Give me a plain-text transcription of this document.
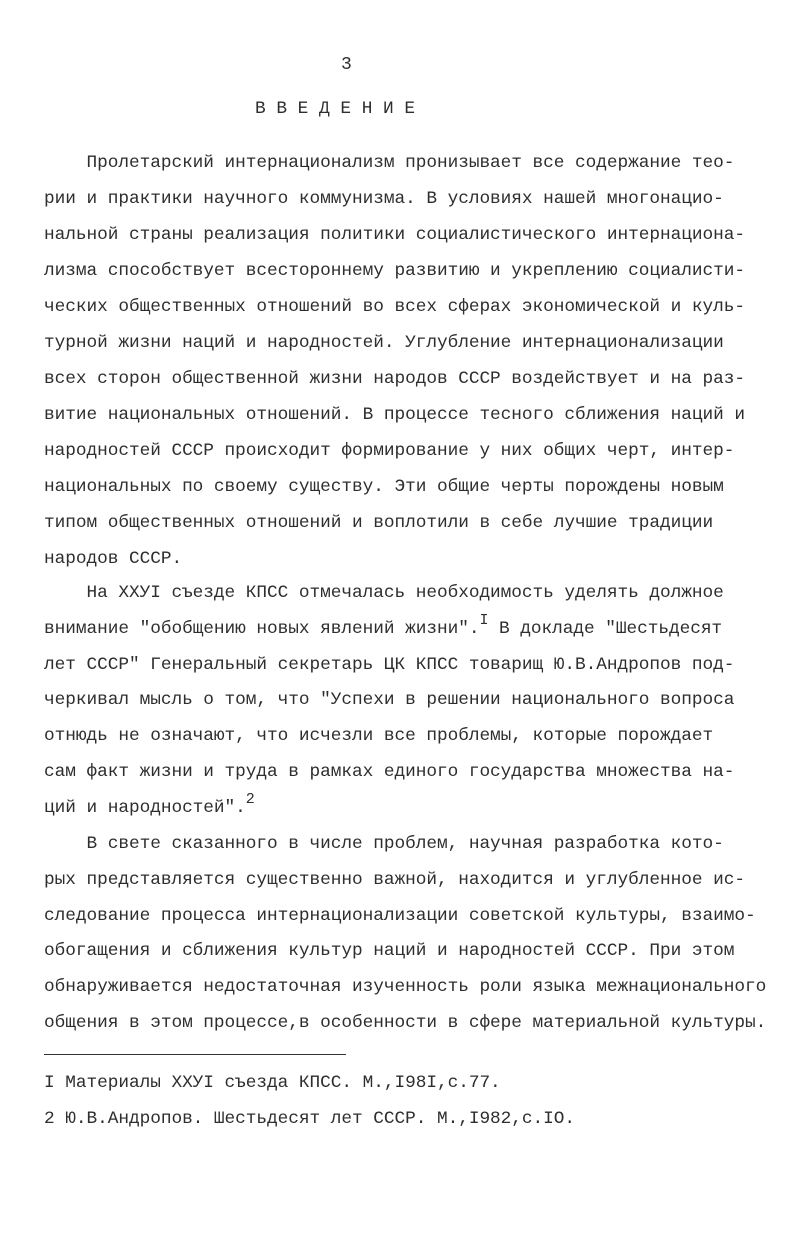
3
В В Е Д Е Н И Е
Пролетарский интернационализм пронизывает все содержание тео-
рии и практики научного коммунизма. В условиях нашей многонацио-
нальной страны реализация политики социалистического интернациона-
лизма способствует всестороннему развитию и укреплению социалисти-
ческих общественных отношений во всех сферах экономической и куль-
турной жизни наций и народностей. Углубление интернационализации
всех сторон общественной жизни народов СССР воздействует и на раз-
витие национальных отношений. В процессе тесного сближения наций и
народностей СССР происходит формирование у них общих черт, интер-
национальных по своему существу. Эти общие черты порождены новым
типом общественных отношений и воплотили в себе лучшие традиции
народов СССР.
На ХХУI съезде КПСС отмечалась необходимость уделять должное
внимание "обобщению новых явлений жизни".$^I$ В докладе "Шестьдесят
лет СССР" Генеральный секретарь ЦК КПСС товарищ Ю.В.Андропов под-
черкивал мысль о том, что "Успехи в решении национального вопроса
отнюдь не означают, что исчезли все проблемы, которые порождает
сам факт жизни и труда в рамках единого государства множества на-
ций и народностей".$^2$
В свете сказанного в числе проблем, научная разработка кото-
рых представляется существенно важной, находится и углубленное ис-
следование процесса интернационализации советской культуры, взаимо-
обогащения и сближения культур наций и народностей СССР. При этом
обнаруживается недостаточная изученность роли языка межнационального
общения в этом процессе,в особенности в сфере материальной культуры.
I Материалы ХХУI съезда КПСС. М.,I98I,с.77.
2 Ю.В.Андропов. Шестьдесят лет СССР. М.,I982,с.IO.
